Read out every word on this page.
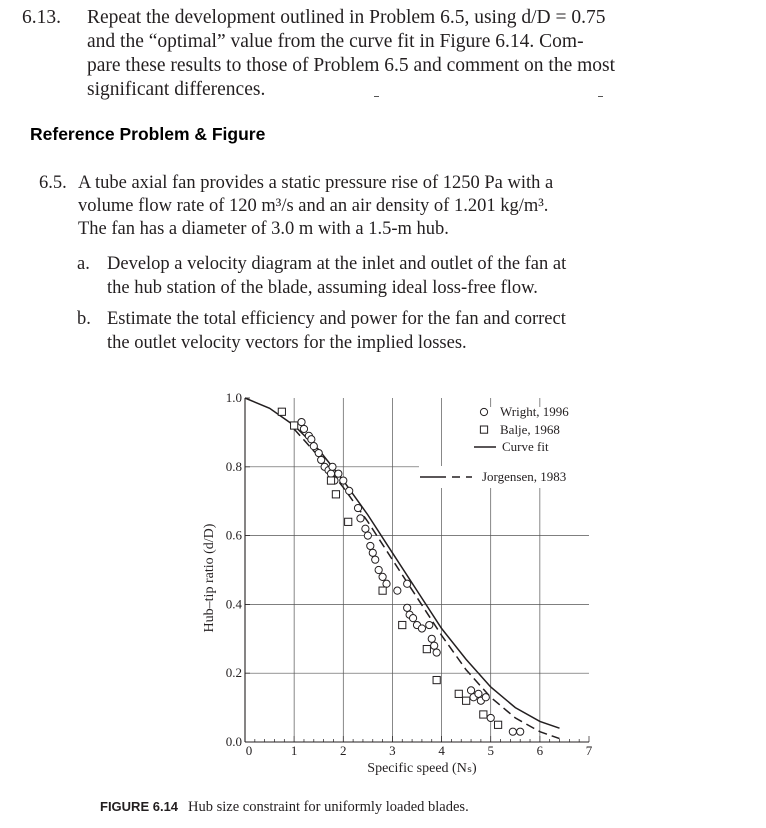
6.13. Repeat the development outlined in Problem 6.5, using d/D = 0.75
and the “optimal” value from the curve fit in Figure 6.14. Com-
pare these results to those of Problem 6.5 and comment on the most
significant differences.
Reference Problem & Figure
6.5. A tube axial fan provides a static pressure rise of 1250 Pa with a
volume flow rate of 120 m³/s and an air density of 1.201 kg/m³.
The fan has a diameter of 3.0 m with a 1.5-m hub.
a. Develop a velocity diagram at the inlet and outlet of the fan at
the hub station of the blade, assuming ideal loss-free flow.
b. Estimate the total efficiency and power for the fan and correct
the outlet velocity vectors for the implied losses.
0	1	2	3	4	5	6	7
0.0
0.2
0.4
0.6
0.8
1.0
Specific speed (Nₛ)
Hub–tip ratio (d/D)
Wright, 1996
Balje, 1968
Curve fit
Jorgensen, 1983
FIGURE 6.14 Hub size constraint for uniformly loaded blades.
